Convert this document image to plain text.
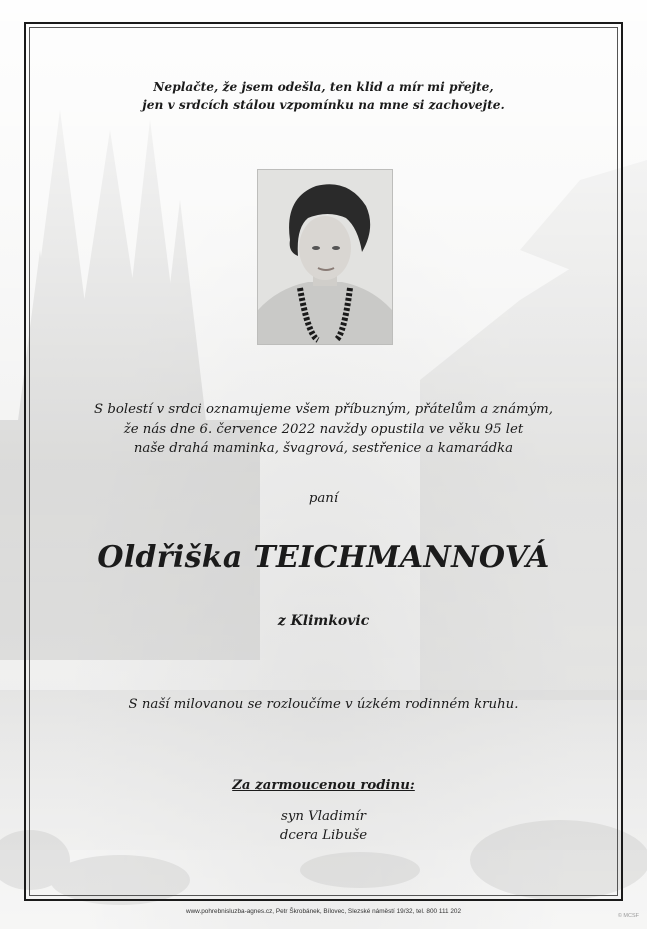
Neplačte, že jsem odešla, ten klid a mír mi přejte,
jen v srdcích stálou vzpomínku na mne si zachovejte.
S bolestí v srdci oznamujeme všem příbuzným, přátelům a známým,
že nás dne 6. července 2022 navždy opustila ve věku 95 let
naše drahá maminka, švagrová, sestřenice a kamarádka
paní
Oldřiška TEICHMANNOVÁ
z Klimkovic
S naší milovanou se rozloučíme v úzkém rodinném kruhu.
Za zarmoucenou rodinu:
syn Vladimír
dcera Libuše
www.pohrebnisluzba-agnes.cz, Petr Škrobánek, Bílovec, Slezské náměstí 19/32, tel. 800 111 202
© MCSF
